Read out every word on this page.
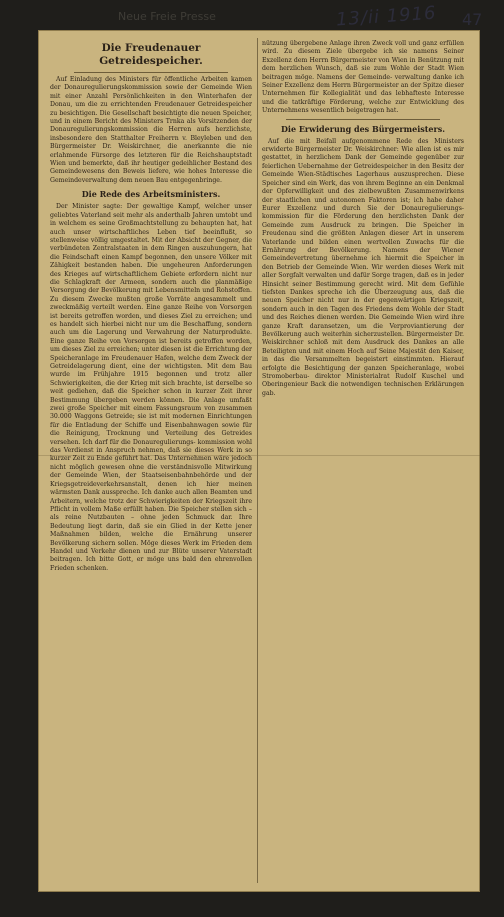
Neue Freie Presse	13/ii 1916 47
Die Freudenauer Getreidespeicher.
Auf Einladung des Ministers für öffentliche Arbeiten kamen der Donauregulierungskommission sowie der Gemeinde Wien mit einer Anzahl Persönlichkeiten in den Winterhafen der Donau, um die zu errichtenden Freudenauer Getreidespeicher zu besichtigen. Die Gesellschaft besichtigte die neuen Speicher, und in einem Bericht des Ministers Trnka als Vorsitzenden der Donauregulierungskommission die Herren aufs herzlichste, insbesondere den Statthalter Freiherrn v. Bleyleben und den Bürgermeister Dr. Weiskirchner, die anerkannte die nie erlahmende Fürsorge des letzteren für die Reichshauptstadt Wien und bemerkte, daß ihr heutiger gedeihlicher Bestand des Gemeindewesens den Beweis liefere, wie hohes Interesse die Gemeindeverwaltung dem neuen Bau entgegenbringe.
Die Rede des Arbeitsministers.
Der Minister sagte: Der gewaltige Kampf, welcher unser geliebtes Vaterland seit mehr als anderthalb Jahren umtobt und in welchem es seine Großmachtstellung zu behaupten hat, hat auch unser wirtschaftliches Leben tief beeinflußt, so stellenweise völlig umgestaltet. Mit der Absicht der Gegner, die verbündeten Zentralstaaten in dem Ringen auszuhungern, hat die Feindschaft einen Kampf begonnen, den unsere Völker mit Zähigkeit bestanden haben. Die ungeheuren Anforderungen des Krieges auf wirtschaftlichem Gebiete erfordern nicht nur die Schlagkraft der Armeen, sondern auch die planmäßige Versorgung der Bevölkerung mit Lebensmitteln und Rohstoffen. Zu diesem Zwecke mußten große Vorräte angesammelt und zweckmäßig verteilt werden. Eine ganze Reihe von Vorsorgen ist bereits getroffen worden, und dieses Ziel zu erreichen; und es handelt sich hierbei nicht nur um die Beschaffung, sondern auch um die Lagerung und Verwahrung der Naturprodukte. Eine ganze Reihe von Vorsorgen ist bereits getroffen worden, um dieses Ziel zu erreichen; unter diesen ist die Errichtung der Speicheranlage im Freudenauer Hafen, welche dem Zweck der Getreidelagerung dient, eine der wichtigsten. Mit dem Bau wurde im Frühjahre 1915 begonnen und trotz aller Schwierigkeiten, die der Krieg mit sich brachte, ist derselbe so weit gediehen, daß die Speicher schon in kurzer Zeit ihrer Bestimmung übergeben werden können. Die Anlage umfaßt zwei große Speicher mit einem Fassungsraum von zusammen 30.000 Waggons Getreide; sie ist mit modernen Einrichtungen für die Entladung der Schiffe und Eisenbahnwagen sowie für die Reinigung, Trocknung und Verteilung des Getreides versehen. Ich darf für die Donauregulierungs- kommission wohl das Verdienst in Anspruch nehmen, daß sie dieses Werk in so kurzer Zeit zu Ende geführt hat. Das Unternehmen wäre jedoch nicht möglich gewesen ohne die verständnisvolle Mitwirkung der Gemeinde Wien, der Staatseisenbahnbehörde und der Kriegsgetreideverkehrsanstalt, denen ich hier meinen wärmsten Dank ausspreche. Ich danke auch allen Beamten und Arbeitern, welche trotz der Schwierigkeiten der Kriegszeit ihre Pflicht in vollem Maße erfüllt haben. Die Speicher stellen sich – als reine Nutzbauten – ohne jeden Schmuck dar. Ihre Bedeutung liegt darin, daß sie ein Glied in der Kette jener Maßnahmen bilden, welche die Ernährung unserer Bevölkerung sichern sollen. Möge dieses Werk im Frieden dem Handel und Verkehr dienen und zur Blüte unserer Vaterstadt beitragen. Ich bitte Gott, er möge uns bald den ehrenvollen Frieden schenken.
nützung übergebene Anlage ihren Zweck voll und ganz erfüllen wird. Zu diesem Ziele übergebe ich sie namens Seiner Exzellenz dem Herrn Bürgermeister von Wien in Benützung mit dem herzlichen Wunsch, daß sie zum Wohle der Stadt Wien beitragen möge. Namens der Gemeinde- verwaltung danke ich Seiner Exzellenz dem Herrn Bürgermeister an der Spitze dieser Unternehmen für Kollegialität und das lebhafteste Interesse und die tatkräftige Förderung, welche zur Entwicklung des Unternehmens wesentlich beigetragen hat.
Die Erwiderung des Bürgermeisters.
Auf die mit Beifall aufgenommene Rede des Ministers erwiderte Bürgermeister Dr. Weiskirchner: Wie allen ist es mir gestattet, in herzlichem Dank der Gemeinde gegenüber zur feierlichen Uebernahme der Getreidespeicher in den Besitz der Gemeinde Wien-Städtisches Lagerhaus auszusprechen. Diese Speicher sind ein Werk, das von ihrem Beginne an ein Denkmal der Opferwilligkeit und des zielbewußten Zusammenwirkens der staatlichen und autonomen Faktoren ist; ich habe daher Eurer Exzellenz und durch Sie der Donauregulierungs- kommission für die Förderung den herzlichsten Dank der Gemeinde zum Ausdruck zu bringen. Die Speicher in Freudenau sind die größten Anlagen dieser Art in unserem Vaterlande und bilden einen wertvollen Zuwachs für die Ernährung der Bevölkerung. Namens der Wiener Gemeindevertretung übernehme ich hiermit die Speicher in den Betrieb der Gemeinde Wien. Wir werden dieses Werk mit aller Sorgfalt verwalten und dafür Sorge tragen, daß es in jeder Hinsicht seiner Bestimmung gerecht wird. Mit dem Gefühle tiefsten Dankes spreche ich die Überzeugung aus, daß die neuen Speicher nicht nur in der gegenwärtigen Kriegszeit, sondern auch in den Tagen des Friedens dem Wohle der Stadt und des Reiches dienen werden. Die Gemeinde Wien wird ihre ganze Kraft daransetzen, um die Verproviantierung der Bevölkerung auch weiterhin sicherzustellen. Bürgermeister Dr. Weiskirchner schloß mit dem Ausdruck des Dankes an alle Beteiligten und mit einem Hoch auf Seine Majestät den Kaiser, in das die Versammelten begeistert einstimmten. Hierauf erfolgte die Besichtigung der ganzen Speicheranlage, wobei Stromoberbau- direktor Ministerialrat Rudolf Kuschel und Oberingenieur Back die notwendigen technischen Erklärungen gab.
